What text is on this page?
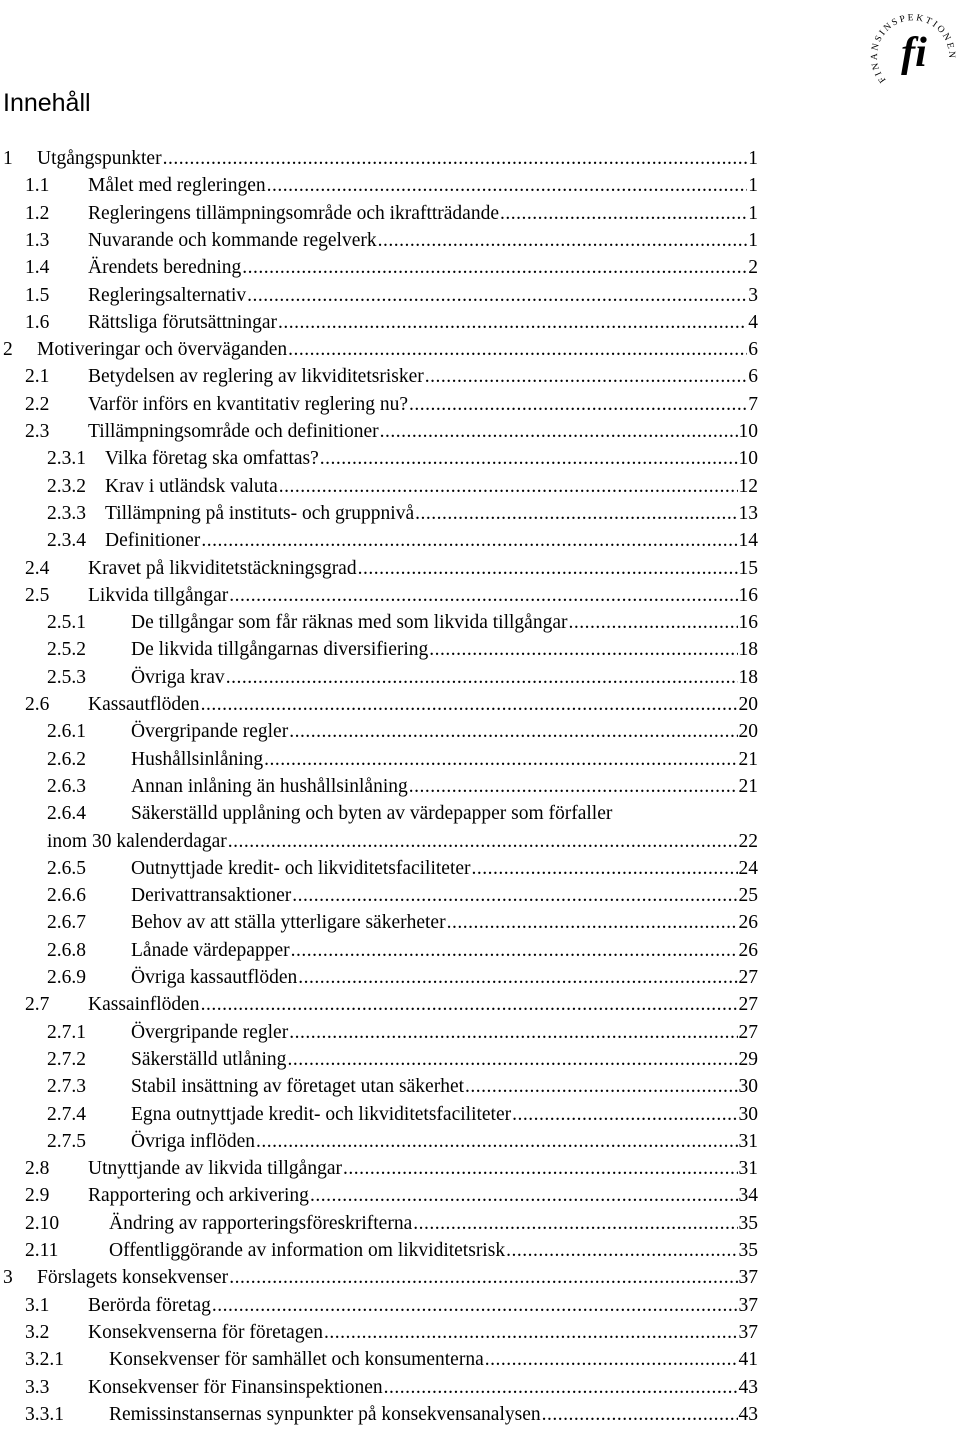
FINANSINSPEKTIONEN
fi
Innehåll
1 Utgångspunkter .....	1
1.1 Målet med regleringen .....	1
1.2 Regleringens tillämpningsområde och ikraftträdande .....	1
1.3 Nuvarande och kommande regelverk .....	1
1.4 Ärendets beredning .....	2
1.5 Regleringsalternativ .....	3
1.6 Rättsliga förutsättningar .....	4
2 Motiveringar och överväganden .....	6
2.1 Betydelsen av reglering av likviditetsrisker .....	6
2.2 Varför införs en kvantitativ reglering nu? .....	7
2.3 Tillämpningsområde och definitioner .....	10
2.3.1 Vilka företag ska omfattas? .....	10
2.3.2 Krav i utländsk valuta .....	12
2.3.3 Tillämpning på instituts- och gruppnivå .....	13
2.3.4 Definitioner .....	14
2.4 Kravet på likviditetstäckningsgrad .....	15
2.5 Likvida tillgångar .....	16
2.5.1 De tillgångar som får räknas med som likvida tillgångar .....	16
2.5.2 De likvida tillgångarnas diversifiering .....	18
2.5.3 Övriga krav .....	18
2.6 Kassautflöden .....	20
2.6.1 Övergripande regler .....	20
2.6.2 Hushållsinlåning .....	21
2.6.3 Annan inlåning än hushållsinlåning .....	21
2.6.4 Säkerställd upplåning och byten av värdepapper som förfaller
inom 30 kalenderdagar .....	22
2.6.5 Outnyttjade kredit- och likviditetsfaciliteter .....	24
2.6.6 Derivattransaktioner .....	25
2.6.7 Behov av att ställa ytterligare säkerheter .....	26
2.6.8 Lånade värdepapper .....	26
2.6.9 Övriga kassautflöden .....	27
2.7 Kassainflöden .....	27
2.7.1 Övergripande regler .....	27
2.7.2 Säkerställd utlåning .....	29
2.7.3 Stabil insättning av företaget utan säkerhet .....	30
2.7.4 Egna outnyttjade kredit- och likviditetsfaciliteter .....	30
2.7.5 Övriga inflöden .....	31
2.8 Utnyttjande av likvida tillgångar .....	31
2.9 Rapportering och arkivering .....	34
2.10	Ändring av rapporteringsföreskrifterna .....	35
2.11	Offentliggörande av information om likviditetsrisk .....	35
3 Förslagets konsekvenser .....	37
3.1 Berörda företag .....	37
3.2 Konsekvenserna för företagen .....	37
3.2.1 Konsekvenser för samhället och konsumenterna .....	41
3.3 Konsekvenser för Finansinspektionen .....	43
3.3.1 Remissinstansernas synpunkter på konsekvensanalysen .....	43
